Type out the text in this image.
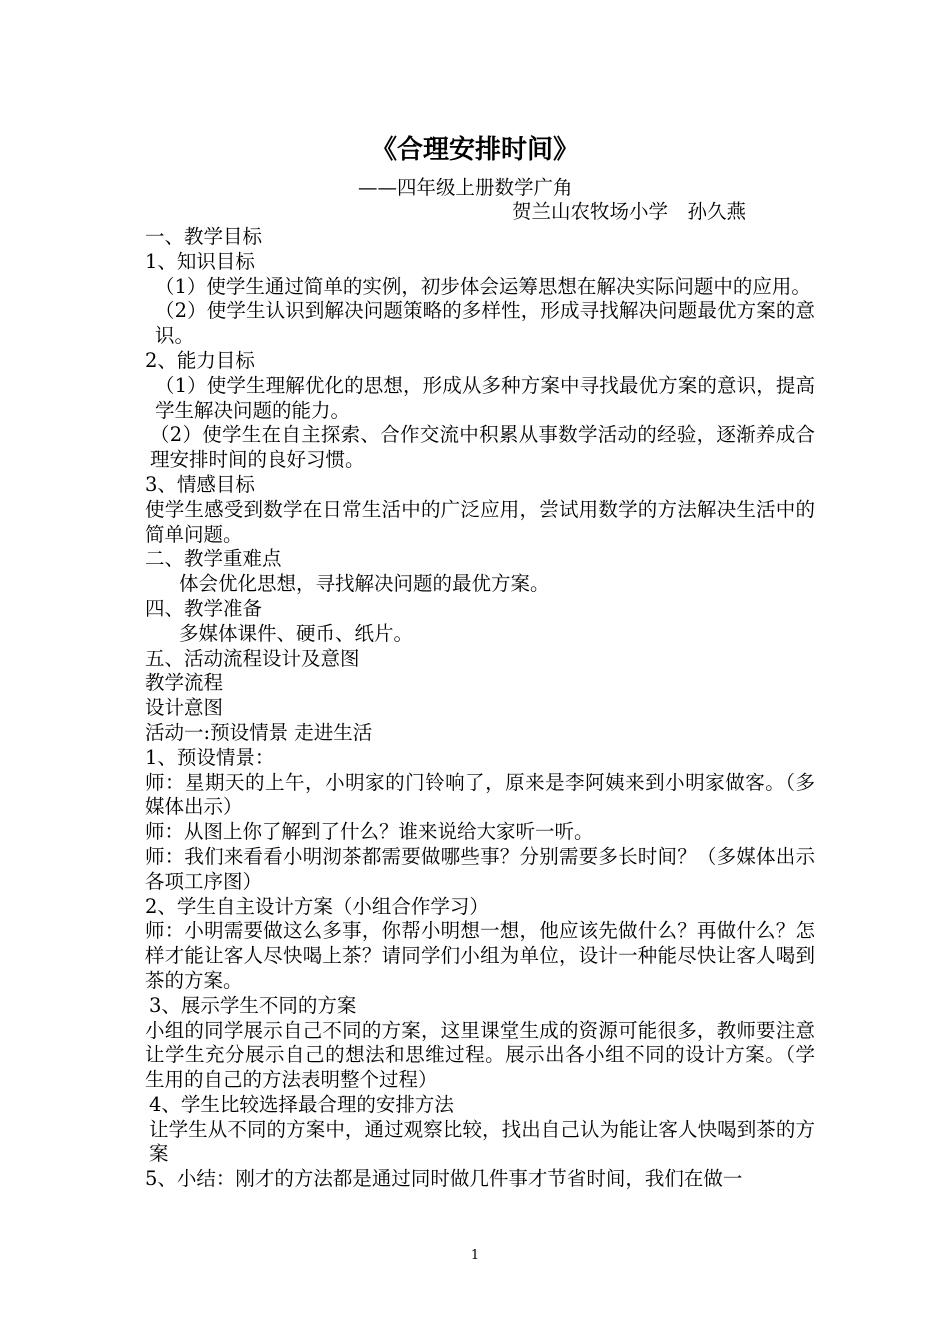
《合理安排时间》
——四年级上册数学广角
贺兰山农牧场小学　孙久燕

一、教学目标

1、知识目标

（1）使学生通过简单的实例，初步体会运筹思想在解决实际问题中的应用。

（2）使学生认识到解决问题策略的多样性，形成寻找解决问题最优方案的意识。

2、能力目标

（1）使学生理解优化的思想，形成从多种方案中寻找最优方案的意识，提高学生解决问题的能力。

（2）使学生在自主探索、合作交流中积累从事数学活动的经验，逐渐养成合理安排时间的良好习惯。

3、情感目标

使学生感受到数学在日常生活中的广泛应用，尝试用数学的方法解决生活中的简单问题。

二、教学重难点

体会优化思想，寻找解决问题的最优方案。

四、教学准备

多媒体课件、硬币、纸片。

五、活动流程设计及意图

教学流程

设计意图

活动一:预设情景 走进生活

1、预设情景：

师：星期天的上午，小明家的门铃响了，原来是李阿姨来到小明家做客。（多媒体出示）

师：从图上你了解到了什么？谁来说给大家听一听。

师：我们来看看小明沏茶都需要做哪些事？分别需要多长时间？（多媒体出示各项工序图）

2、学生自主设计方案（小组合作学习）

师：小明需要做这么多事，你帮小明想一想，他应该先做什么？再做什么？怎样才能让客人尽快喝上茶？请同学们小组为单位，设计一种能尽快让客人喝到茶的方案。

3、展示学生不同的方案

小组的同学展示自己不同的方案，这里课堂生成的资源可能很多，教师要注意让学生充分展示自己的想法和思维过程。展示出各小组不同的设计方案。（学生用的自己的方法表明整个过程）

4、学生比较选择最合理的安排方法

让学生从不同的方案中，通过观察比较，找出自己认为能让客人快喝到茶的方案

5、小结：刚才的方法都是通过同时做几件事才节省时间，我们在做一

1
